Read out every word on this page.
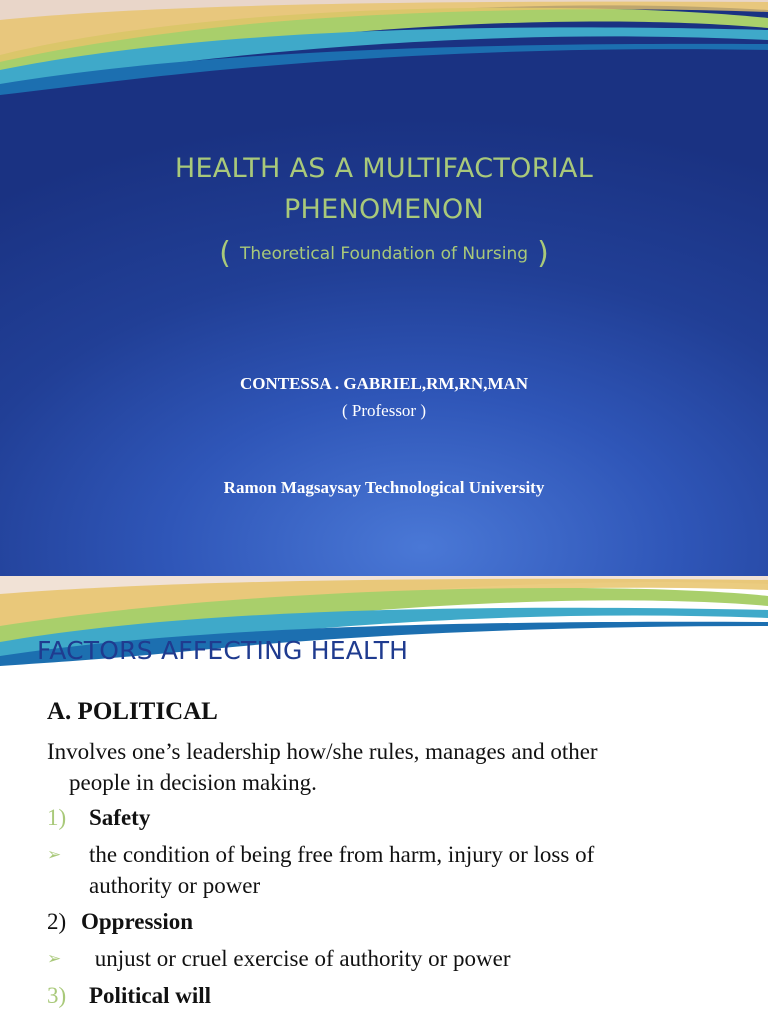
HEALTH AS A MULTIFACTORIAL
PHENOMENON
( Theoretical Foundation of Nursing )
CONTESSA . GABRIEL,RM,RN,MAN
( Professor )
Ramon Magsaysay Technological University
FACTORS AFFECTING HEALTH
A. POLITICAL
Involves one’s leadership how/she rules, manages and other
people in decision making.
1) Safety
➢	the condition of being free from harm, injury or loss of
authority or power
2) Oppression
➢	unjust or cruel exercise of authority or power
3) Political will
